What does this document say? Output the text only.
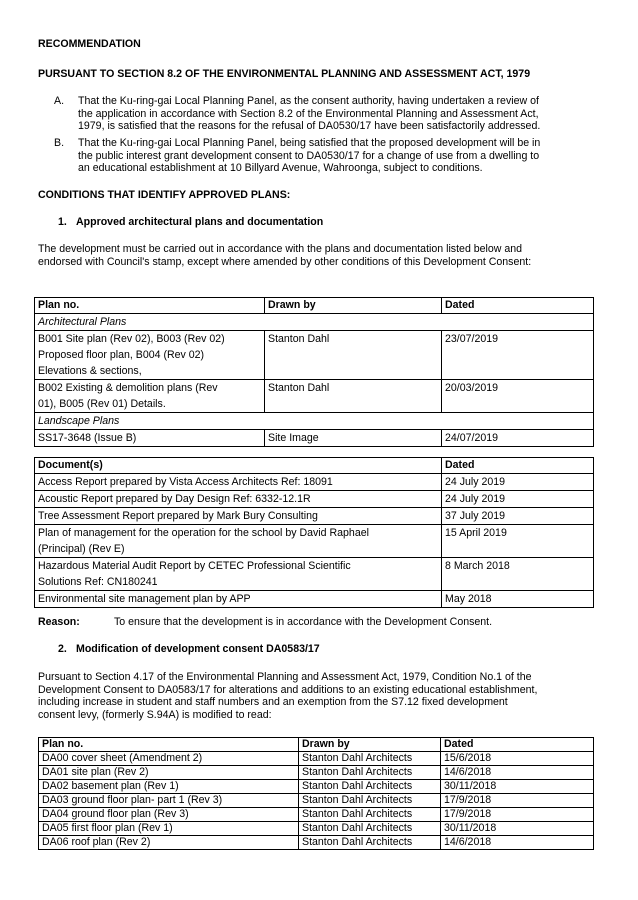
RECOMMENDATION
PURSUANT TO SECTION 8.2 OF THE ENVIRONMENTAL PLANNING AND ASSESSMENT ACT, 1979
A.	That the Ku-ring-gai Local Planning Panel, as the consent authority, having undertaken a review of
the application in accordance with Section 8.2 of the Environmental Planning and Assessment Act,
1979, is satisfied that the reasons for the refusal of DA0530/17 have been satisfactorily addressed.
B.	That the Ku-ring-gai Local Planning Panel, being satisfied that the proposed development will be in
the public interest grant development consent to DA0530/17 for a change of use from a dwelling to
an educational establishment at 10 Billyard Avenue, Wahroonga, subject to conditions.
CONDITIONS THAT IDENTIFY APPROVED PLANS:
1. Approved architectural plans and documentation
The development must be carried out in accordance with the plans and documentation listed below and
endorsed with Council's stamp, except where amended by other conditions of this Development Consent:
Plan no.	Drawn by	Dated
Architectural Plans		

B001 Site plan (Rev 02), B003 (Rev 02)
Proposed floor plan, B004 (Rev 02)
Elevations & sections,	Stanton Dahl	23/07/2019

B002 Existing & demolition plans (Rev
01), B005 (Rev 01) Details.	Stanton Dahl	20/03/2019
Landscape Plans		
SS17-3648 (Issue B)	Site Image	24/07/2019
Document(s)	Dated
Access Report prepared by Vista Access Architects Ref: 18091	24 July 2019
Acoustic Report prepared by Day Design Ref: 6332-12.1R	24 July 2019
Tree Assessment Report prepared by Mark Bury Consulting	37 July 2019

Plan of management for the operation for the school by David Raphael
(Principal) (Rev E)	15 April 2019

Hazardous Material Audit Report by CETEC Professional Scientific
Solutions Ref: CN180241	8 March 2018
Environmental site management plan by APP	May 2018
Reason:	To ensure that the development is in accordance with the Development Consent.
2. Modification of development consent DA0583/17
Pursuant to Section 4.17 of the Environmental Planning and Assessment Act, 1979, Condition No.1 of the
Development Consent to DA0583/17 for alterations and additions to an existing educational establishment,
including increase in student and staff numbers and an exemption from the S7.12 fixed development
consent levy, (formerly S.94A) is modified to read:
Plan no.	Drawn by	Dated
DA00 cover sheet (Amendment 2)	Stanton Dahl Architects	15/6/2018
DA01 site plan (Rev 2)	Stanton Dahl Architects	14/6/2018
DA02 basement plan (Rev 1)	Stanton Dahl Architects	30/11/2018
DA03 ground floor plan- part 1 (Rev 3)	Stanton Dahl Architects	17/9/2018
DA04 ground floor plan (Rev 3)	Stanton Dahl Architects	17/9/2018
DA05 first floor plan (Rev 1)	Stanton Dahl Architects	30/11/2018
DA06 roof plan (Rev 2)	Stanton Dahl Architects	14/6/2018
